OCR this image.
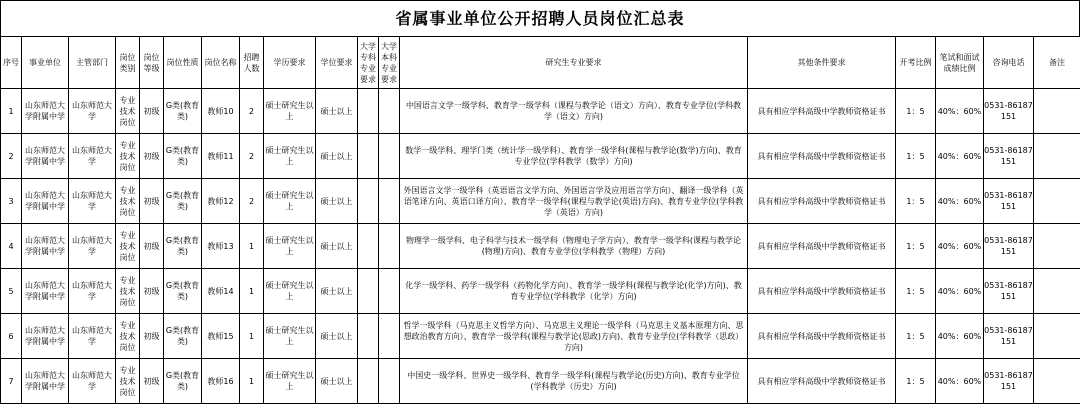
省属事业单位公开招聘人员岗位汇总表
序号	事业单位	主管部门	岗位类别	岗位等级	岗位性质	岗位名称	招聘人数	学历要求	学位要求	大学专科专业要求	大学本科专业要求	研究生专业要求	其他条件要求	开考比例	笔试和面试成绩比例	咨询电话	备注
1	山东师范大学附属中学	山东师范大学	专业技术岗位	初级	G类(教育类)	教师10	2	硕士研究生以上	硕士以上			中国语言文学一级学科、教育学一级学科（课程与教学论（语文）方向）、教育专业学位(学科教学（语文）方向)	具有相应学科高级中学教师资格证书	1：5	40%：60%	0531-86187151	
2	山东师范大学附属中学	山东师范大学	专业技术岗位	初级	G类(教育类)	教师11	2	硕士研究生以上	硕士以上			数学一级学科、理学门类（统计学一级学科）、教育学一级学科(课程与教学论(数学)方向)、教育专业学位(学科教学（数学）方向)	具有相应学科高级中学教师资格证书	1：5	40%：60%	0531-86187151	
3	山东师范大学附属中学	山东师范大学	专业技术岗位	初级	G类(教育类)	教师12	2	硕士研究生以上	硕士以上			外国语言文学一级学科（英语语言文学方向、外国语言学及应用语言学方向）、翻译一级学科（英语笔译方向、英语口译方向）、教育学一级学科(课程与教学论(英语)方向)、教育专业学位(学科教学（英语）方向)	具有相应学科高级中学教师资格证书	1：5	40%：60%	0531-86187151	
4	山东师范大学附属中学	山东师范大学	专业技术岗位	初级	G类(教育类)	教师13	1	硕士研究生以上	硕士以上			物理学一级学科、电子科学与技术一级学科（物理电子学方向）、教育学一级学科(课程与教学论(物理)方向)、教育专业学位(学科教学（物理）方向)	具有相应学科高级中学教师资格证书	1：5	40%：60%	0531-86187151	
5	山东师范大学附属中学	山东师范大学	专业技术岗位	初级	G类(教育类)	教师14	1	硕士研究生以上	硕士以上			化学一级学科、药学一级学科（药物化学方向）、教育学一级学科(课程与教学论(化学)方向)、教育专业学位(学科教学（化学）方向)	具有相应学科高级中学教师资格证书	1：5	40%：60%	0531-86187151	
6	山东师范大学附属中学	山东师范大学	专业技术岗位	初级	G类(教育类)	教师15	1	硕士研究生以上	硕士以上			哲学一级学科（马克思主义哲学方向）、马克思主义理论一级学科（马克思主义基本原理方向、思想政治教育方向）、教育学一级学科(课程与教学论(思政)方向)、教育专业学位(学科教学（思政）方向)	具有相应学科高级中学教师资格证书	1：5	40%：60%	0531-86187151	
7	山东师范大学附属中学	山东师范大学	专业技术岗位	初级	G类(教育类)	教师16	1	硕士研究生以上	硕士以上			中国史一级学科、世界史一级学科、教育学一级学科(课程与教学论(历史)方向)、教育专业学位(学科教学（历史）方向)	具有相应学科高级中学教师资格证书	1：5	40%：60%	0531-86187151	
